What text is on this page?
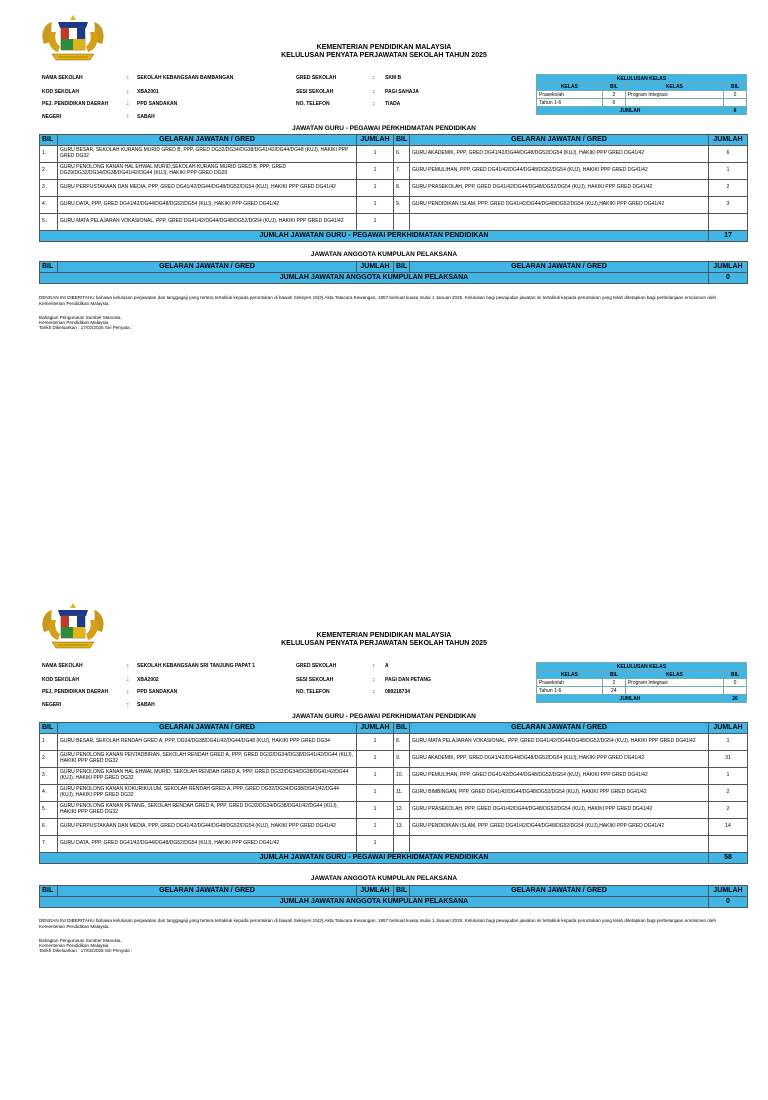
KEMENTERIAN PENDIDIKAN MALAYSIA
KELULUSAN PENYATA PERJAWATAN SEKOLAH TAHUN 2025
NAMA SEKOLAH	: SEKOLAH KEBANGSAAN BAMBANGAN
KOD SEKOLAH	: XBA2001
PEJ. PENDIDIKAN DAERAH	: PPD SANDAKAN
NEGERI	: SABAH
GRED SEKOLAH	: SKM B
SESI SEKOLAH	: PAGI SAHAJA
NO. TELEFON	: TIADA
KELULUSAN KELAS			
KELAS	BIL	KELAS	BIL
Prasekolah	2	Program Integrasi	0
Tahun 1-6	6		
JUMLAH			8
JAWATAN GURU - PEGAWAI PERKHIDMATAN PENDIDIKAN
BIL	GELARAN JAWATAN / GRED	JUMLAH	BIL	GELARAN JAWATAN / GRED	JUMLAH
1 .	GURU BESAR, SEKOLAH KURANG MURID GRED B, PPP, GRED DG32/DG34/DG38/DG41/42/DG44/DG48 (KUJ), HAKIKI PPP GRED DG32	1	6.	GURU AKADEMIK, PPP, GRED DG41/42/DG44/DG48/DG52/DG54 (KUJ), HAKIKI PPP GRED DG41/42	6
2 .	GURU PENOLONG KANAN HAL EHWAL MURID,SEKOLAH KURANG MURID GRED B, PPP, GRED DG29/DG32/DG34/DG38/DG41/42/DG44 (KUJ), HAKIKI PPP GRED DG29	1	7.	GURU PEMULIHAN, PPP, GRED DG41/42/DG44/DG48/DG52/DG54 (KUJ), HAKIKI PPP GRED DG41/42	1
3 .	GURU PERPUSTAKAAN DAN MEDIA, PPP, GRED DG41/42/DG44/DG48/DG52/DG54 (KUJ), HAKIKI PPP GRED DG41/42	1	8.	GURU PRASEKOLAH, PPP, GRED DG41/42/DG44/DG48/DG52/DG54 (KUJ), HAKIKI PPP GRED DG41/42	2
4 .	GURU DATA, PPP, GRED DG41/42/DG44/DG48/DG52/DG54 (KUJ), HAKIKI PPP GRED DG41/42	1	9.	GURU PENDIDIKAN ISLAM, PPP, GRED DG41/42/DG44/DG48/DG52/DG54 (KUJ),HAKIKI PPP GRED DG41/42	3
5 .	GURU MATA PELAJARAN VOKASIONAL, PPP, GRED DG41/42/DG44/DG48/DG52/DG54 (KUJ), HAKIKI PPP GRED DG41/42	1			
JUMLAH JAWATAN GURU - PEGAWAI PERKHIDMATAN PENDIDIKAN					17
JAWATAN ANGGOTA KUMPULAN PELAKSANA
BIL	GELARAN JAWATAN / GRED	JUMLAH	BIL	GELARAN JAWATAN / GRED	JUMLAH
JUMLAH JAWATAN ANGGOTA KUMPULAN PELAKSANA					0
DENGAN INI DIBERITAHU bahawa kelulusan perjawatan dan tanggagaji yang tertera tertakluk kepada peruntukan di bawah Seksyen 15(3) Akta Tatacara Kewangan, 1957 berkuat kuasa mulai 1 Januari 2025. Kelulusan bagi pewujudan jawatan ini tertakluk kepada peruntukan yang telah ditetapkan bagi perbelanjaan emolumen oleh Kementerian Pendidikan Malaysia.
Bahagian Pengurusan Sumber Manusia,
Kementerian Pendidikan Malaysia
Tarikh Dikeluarkan : 17/02/2025 Siri Penyata :
KEMENTERIAN PENDIDIKAN MALAYSIA
KELULUSAN PENYATA PERJAWATAN SEKOLAH TAHUN 2025
NAMA SEKOLAH	: SEKOLAH KEBANGSAAN SRI TANJUNG PAPAT 1
KOD SEKOLAH	: XBA2002
PEJ. PENDIDIKAN DAERAH	: PPD SANDAKAN
NEGERI	: SABAH
GRED SEKOLAH	: A
SESI SEKOLAH	: PAGI DAN PETANG
NO. TELEFON	: 089218734
KELULUSAN KELAS			
KELAS	BIL	KELAS	BIL
Prasekolah	2	Program Integrasi	0
Tahun 1-6	24		
JUMLAH			26
JAWATAN GURU - PEGAWAI PERKHIDMATAN PENDIDIKAN
BIL	GELARAN JAWATAN / GRED	JUMLAH	BIL	GELARAN JAWATAN / GRED	JUMLAH
1 .	GURU BESAR, SEKOLAH RENDAH GRED A, PPP, DG34/DG38/DG41/42/DG44/DG48 (KUJ), HAKIKI PPP GRED DG34	1	8.	GURU MATA PELAJARAN VOKASIONAL, PPP, GRED DG41/42/DG44/DG48/DG52/DG54 (KUJ), HAKIKI PPP GRED DG41/42	1
2 .	GURU PENOLONG KANAN PENTADBIRAN, SEKOLAH RENDAH GRED A, PPP, GRED DG32/DG34/DG38/DG41/42/DG44 (KUJ), HAKIKI PPP GRED DG32	1	9.	GURU AKADEMIK, PPP, GRED DG41/42/DG44/DG48/DG52/DG54 (KUJ), HAKIKI PPP GRED DG41/42	31
3 .	GURU PENOLONG KANAN HAL EHWAL MURID, SEKOLAH RENDAH GRED A, PPP, GRED DG32/DG34/DG38/DG41/42/DG44 (KUJ), HAKIKI PPP GRED DG32	1	10.	GURU PEMULIHAN, PPP, GRED DG41/42/DG44/DG48/DG52/DG54 (KUJ), HAKIKI PPP GRED DG41/42	1
4 .	GURU PENOLONG KANAN KOKURIKULUM, SEKOLAH RENDAH GRED A, PPP, GRED DG32/DG34/DG38/DG41/42/DG44 (KUJ), HAKIKI PPP GRED DG32	1	11.	GURU BIMBINGAN, PPP, GRED DG41/42/DG44/DG48/DG52/DG54 (KUJ), HAKIKI PPP GRED DG41/42	2
5 .	GURU PENOLONG KANAN PETANG, SEKOLAH RENDAH GRED A, PPP, GRED DG32/DG34/DG38/DG41/42/DG44 (KUJ), HAKIKI PPP GRED DG32	1	12.	GURU PRASEKOLAH, PPP, GRED DG41/42/DG44/DG48/DG52/DG54 (KUJ), HAKIKI PPP GRED DG41/42	2
6 .	GURU PERPUSTAKAAN DAN MEDIA, PPP, GRED DG41/42/DG44/DG48/DG52/DG54 (KUJ), HAKIKI PPP GRED DG41/42	1	13.	GURU PENDIDIKAN ISLAM, PPP, GRED DG41/42/DG44/DG48/DG52/DG54 (KUJ),HAKIKI PPP GRED DG41/42	14
7 .	GURU DATA, PPP, GRED DG41/42/DG44/DG48/DG52/DG54 (KUJ), HAKIKI PPP GRED DG41/42	1			
JUMLAH JAWATAN GURU - PEGAWAI PERKHIDMATAN PENDIDIKAN					58
JAWATAN ANGGOTA KUMPULAN PELAKSANA
BIL	GELARAN JAWATAN / GRED	JUMLAH	BIL	GELARAN JAWATAN / GRED	JUMLAH
JUMLAH JAWATAN ANGGOTA KUMPULAN PELAKSANA					0
DENGAN INI DIBERITAHU bahawa kelulusan perjawatan dan tanggagaji yang tertera tertakluk kepada peruntukan di bawah Seksyen 15(3) Akta Tatacara Kewangan, 1957 berkuat kuasa mulai 1 Januari 2025. Kelulusan bagi pewujudan jawatan ini tertakluk kepada peruntukan yang telah ditetapkan bagi perbelanjaan emolumen oleh Kementerian Pendidikan Malaysia.
Bahagian Pengurusan Sumber Manusia,
Kementerian Pendidikan Malaysia
Tarikh Dikeluarkan : 17/02/2025 Siri Penyata :
